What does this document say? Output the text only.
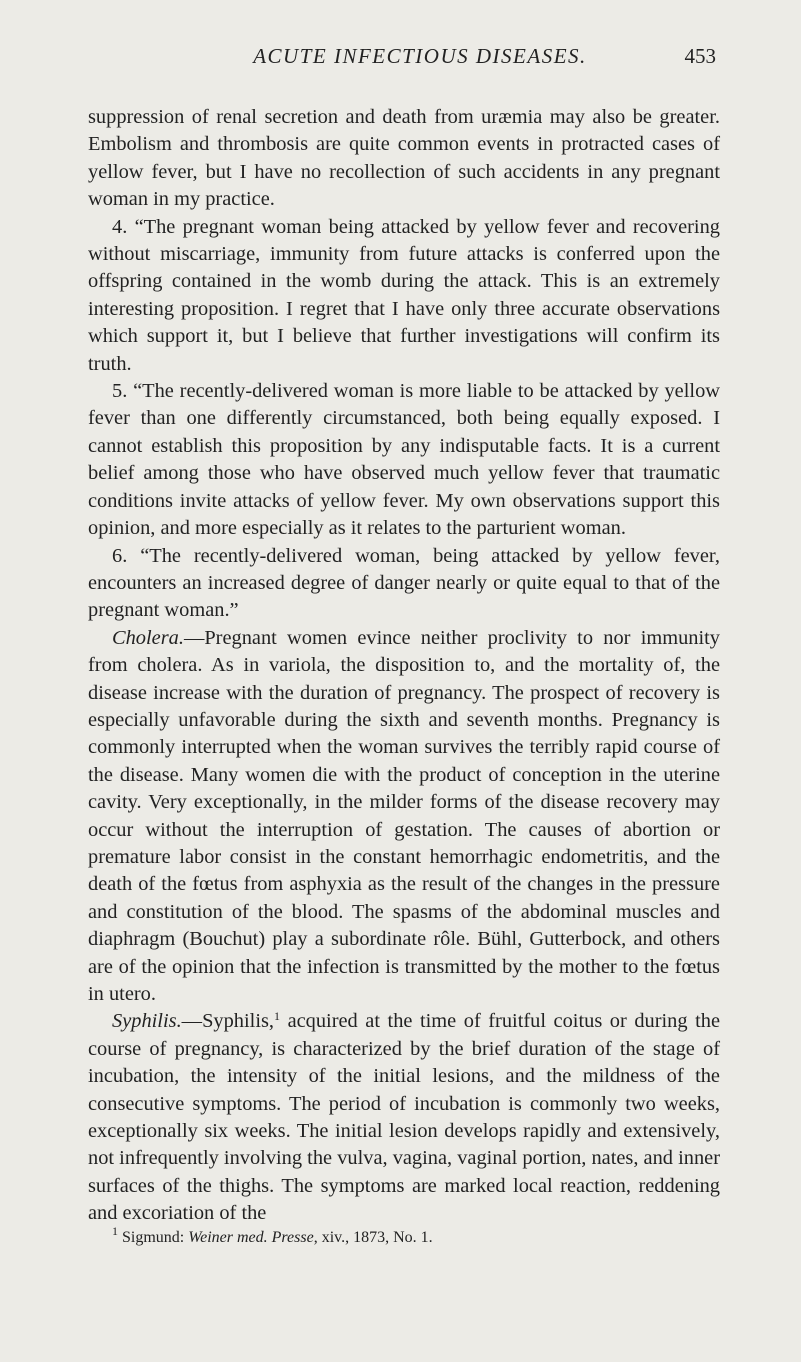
ACUTE INFECTIOUS DISEASES.	453

suppression of renal secretion and death from uræmia may also be greater. Embolism and thrombosis are quite common events in protracted cases of yellow fever, but I have no recollection of such accidents in any pregnant woman in my practice.

4. “The pregnant woman being attacked by yellow fever and recovering without miscarriage, immunity from future attacks is conferred upon the offspring contained in the womb during the attack. This is an extremely interesting proposition. I regret that I have only three accurate observations which support it, but I believe that further investigations will confirm its truth.

5. “The recently-delivered woman is more liable to be attacked by yellow fever than one differently circumstanced, both being equally exposed. I cannot establish this proposition by any indisputable facts. It is a current belief among those who have observed much yellow fever that traumatic conditions invite attacks of yellow fever. My own observations support this opinion, and more especially as it relates to the parturient woman.

6. “The recently-delivered woman, being attacked by yellow fever, encounters an increased degree of danger nearly or quite equal to that of the pregnant woman.”

Cholera.—Pregnant women evince neither proclivity to nor immunity from cholera. As in variola, the disposition to, and the mortality of, the disease increase with the duration of pregnancy. The prospect of recovery is especially unfavorable during the sixth and seventh months. Pregnancy is commonly interrupted when the woman survives the terribly rapid course of the disease. Many women die with the product of conception in the uterine cavity. Very exceptionally, in the milder forms of the disease recovery may occur without the interruption of gestation. The causes of abortion or premature labor consist in the constant hemorrhagic endometritis, and the death of the fœtus from asphyxia as the result of the changes in the pressure and constitution of the blood. The spasms of the abdominal muscles and diaphragm (Bouchut) play a subordinate rôle. Bühl, Gutterbock, and others are of the opinion that the infection is transmitted by the mother to the fœtus in utero.

Syphilis.—Syphilis,$^1$ acquired at the time of fruitful coitus or during the course of pregnancy, is characterized by the brief duration of the stage of incubation, the intensity of the initial lesions, and the mildness of the consecutive symptoms. The period of incubation is commonly two weeks, exceptionally six weeks. The initial lesion develops rapidly and extensively, not infrequently involving the vulva, vagina, vaginal portion, nates, and inner surfaces of the thighs. The symptoms are marked local reaction, reddening and excoriation of the

$^1$ Sigmund: Weiner med. Presse, xiv., 1873, No. 1.
